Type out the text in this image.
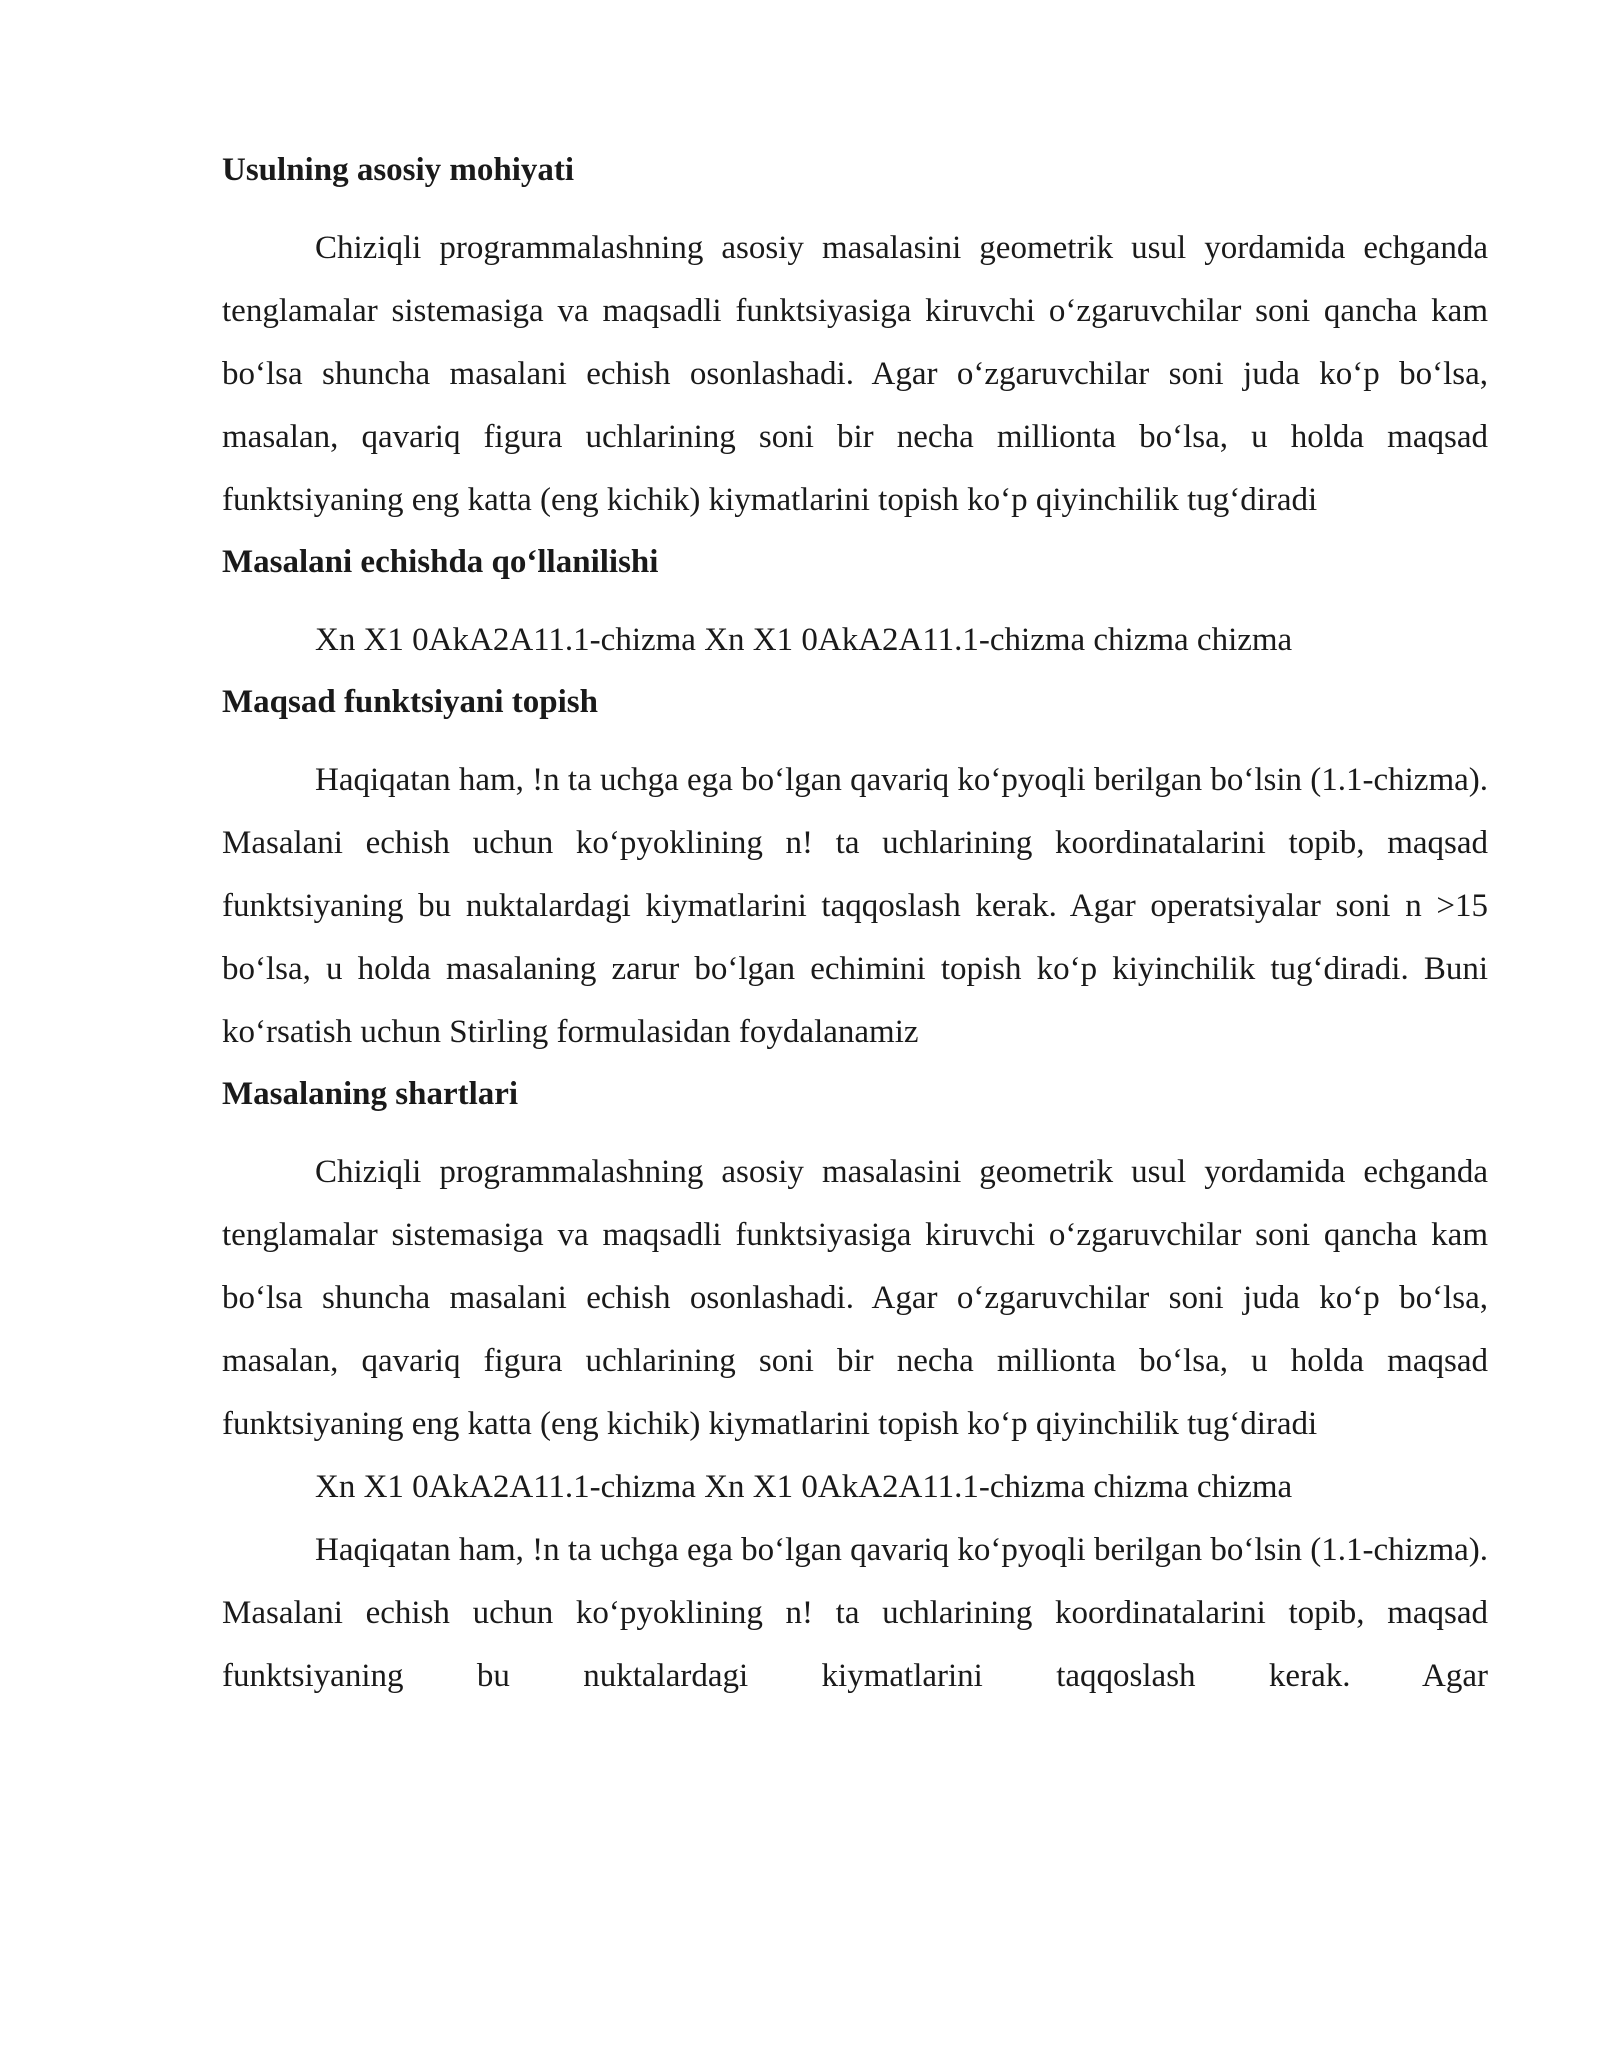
Usulning asosiy mohiyati

Chiziqli programmalashning asosiy masalasini geometrik usul yordamida echganda tenglamalar sistemasiga va maqsadli funktsiyasiga kiruvchi o‘zgaruvchilar soni qancha kam bo‘lsa shuncha masalani echish osonlashadi. Agar o‘zgaruvchilar soni juda ko‘p bo‘lsa, masalan, qavariq figura uchlarining soni bir necha millionta bo‘lsa, u holda maqsad funktsiyaning eng katta (eng kichik) kiymatlarini topish ko‘p qiyinchilik tug‘diradi

Masalani echishda qo‘llanilishi

Xn X1 0AkA2A11.1-chizma Xn X1 0AkA2A11.1-chizma chizma chizma

Maqsad funktsiyani topish

Haqiqatan ham, !n ta uchga ega bo‘lgan qavariq ko‘pyoqli berilgan bo‘lsin (1.1-chizma). Masalani echish uchun ko‘pyoklining n! ta uchlarining koordinatalarini topib, maqsad funktsiyaning bu nuktalardagi kiymatlarini taqqoslash kerak. Agar operatsiyalar soni n >15 bo‘lsa, u holda masalaning zarur bo‘lgan echimini topish ko‘p kiyinchilik tug‘diradi. Buni ko‘rsatish uchun Stirling formulasidan foydalanamiz

Masalaning shartlari

Chiziqli programmalashning asosiy masalasini geometrik usul yordamida echganda tenglamalar sistemasiga va maqsadli funktsiyasiga kiruvchi o‘zgaruvchilar soni qancha kam bo‘lsa shuncha masalani echish osonlashadi. Agar o‘zgaruvchilar soni juda ko‘p bo‘lsa, masalan, qavariq figura uchlarining soni bir necha millionta bo‘lsa, u holda maqsad funktsiyaning eng katta (eng kichik) kiymatlarini topish ko‘p qiyinchilik tug‘diradi

Xn X1 0AkA2A11.1-chizma Xn X1 0AkA2A11.1-chizma chizma chizma

Haqiqatan ham, !n ta uchga ega bo‘lgan qavariq ko‘pyoqli berilgan bo‘lsin (1.1-chizma). Masalani echish uchun ko‘pyoklining n! ta uchlarining koordinatalarini topib, maqsad funktsiyaning bu nuktalardagi kiymatlarini taqqoslash kerak. Agar
